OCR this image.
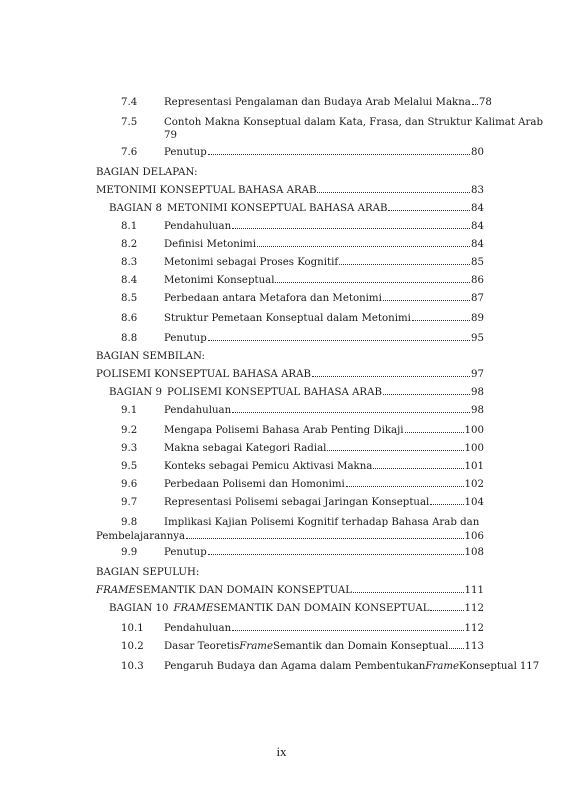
7.4	Representasi Pengalaman dan Budaya Arab Melalui Makna 78
7.5	Contoh Makna Konseptual dalam Kata, Frasa, dan Struktur Kalimat Arab
79
7.6	Penutup	80
BAGIAN DELAPAN:
METONIMI KONSEPTUAL BAHASA ARAB	83
BAGIAN 8 METONIMI KONSEPTUAL BAHASA ARAB	84
8.1	Pendahuluan	84
8.2	Definisi Metonimi	84
8.3	Metonimi sebagai Proses Kognitif	85
8.4	Metonimi Konseptual	86
8.5	Perbedaan antara Metafora dan Metonimi	87
8.6	Struktur Pemetaan Konseptual dalam Metonimi	89
8.8	Penutup	95
BAGIAN SEMBILAN:
POLISEMI KONSEPTUAL BAHASA ARAB	97
BAGIAN 9 POLISEMI KONSEPTUAL BAHASA ARAB	98
9.1	Pendahuluan	98
9.2	Mengapa Polisemi Bahasa Arab Penting Dikaji	100
9.3	Makna sebagai Kategori Radial	100
9.5	Konteks sebagai Pemicu Aktivasi Makna	101
9.6	Perbedaan Polisemi dan Homonimi	102
9.7	Representasi Polisemi sebagai Jaringan Konseptual	104
9.8	Implikasi Kajian Polisemi Kognitif terhadap Bahasa Arab dan
Pembelajarannya	106
9.9	Penutup	108
BAGIAN SEPULUH:
FRAME SEMANTIK DAN DOMAIN KONSEPTUAL	111
BAGIAN 10 FRAME SEMANTIK DAN DOMAIN KONSEPTUAL	112
10.1 Pendahuluan	112
10.2 Dasar Teoretis Frame Semantik dan Domain Konseptual 113
10.3 Pengaruh Budaya dan Agama dalam Pembentukan Frame Konseptual 117
ix
